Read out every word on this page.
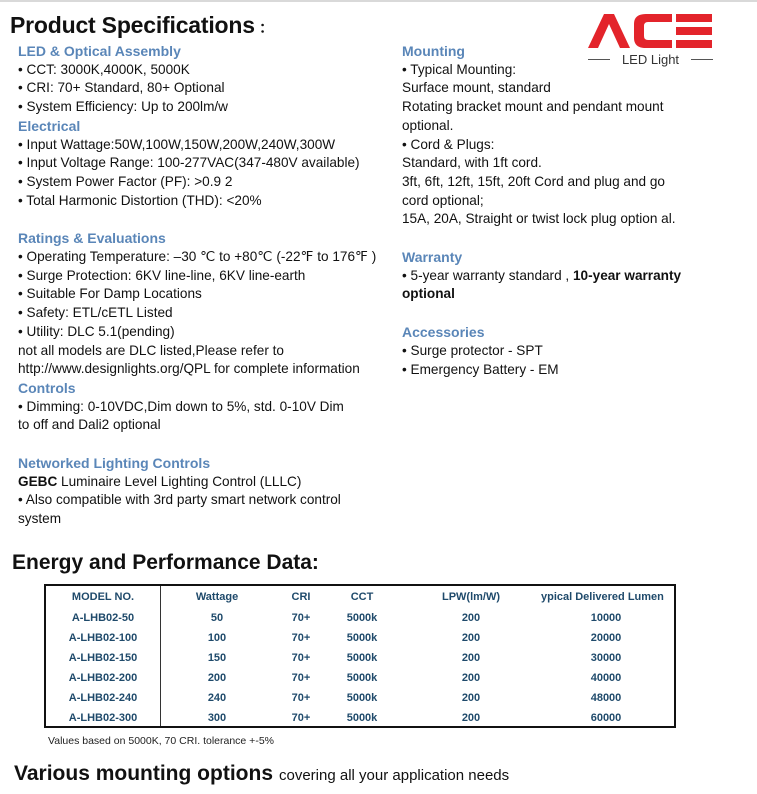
Product Specifications ：
LED Light
LED & Optical Assembly
• CCT: 3000K,4000K, 5000K
• CRI: 70+ Standard, 80+ Optional
• System Efficiency: Up to 200lm/w
Electrical
• Input Wattage:50W,100W,150W,200W,240W,300W
• Input Voltage Range: 100-277VAC(347-480V available)
• System Power Factor (PF): >0.9 2
• Total Harmonic Distortion (THD): <20%
Ratings & Evaluations
• Operating Temperature: –30 ℃ to +80℃ (-22℉ to 176℉ )
• Surge Protection: 6KV line-line, 6KV line-earth
• Suitable For Damp Locations
• Safety: ETL/cETL Listed
• Utility: DLC 5.1(pending)
not all models are DLC listed,Please refer to
http://www.designlights.org/QPL for complete information
Controls
• Dimming: 0-10VDC,Dim down to 5%, std. 0-10V Dim
to off and Dali2 optional
Networked Lighting Controls
GEBC Luminaire Level Lighting Control (LLLC)
• Also compatible with 3rd party smart network control
system
Mounting
• Typical Mounting:
Surface mount, standard
Rotating bracket mount and pendant mount
optional.
• Cord & Plugs:
Standard, with 1ft cord.
3ft, 6ft, 12ft, 15ft, 20ft Cord and plug and go
cord optional;
15A, 20A, Straight or twist lock plug option al.
Warranty
• 5-year warranty standard , 10-year warranty
optional
Accessories
• Surge protector - SPT
• Emergency Battery - EM
Energy and Performance Data:
MODEL NO.	Wattage	CRI	CCT	LPW(lm/W)	ypical Delivered Lumen
A-LHB02-50	50	70+	5000k	200	10000
A-LHB02-100	100	70+	5000k	200	20000
A-LHB02-150	150	70+	5000k	200	30000
A-LHB02-200	200	70+	5000k	200	40000
A-LHB02-240	240	70+	5000k	200	48000
A-LHB02-300	300	70+	5000k	200	60000
Values based on 5000K, 70 CRI. tolerance +-5%
Various mounting options covering all your application needs
